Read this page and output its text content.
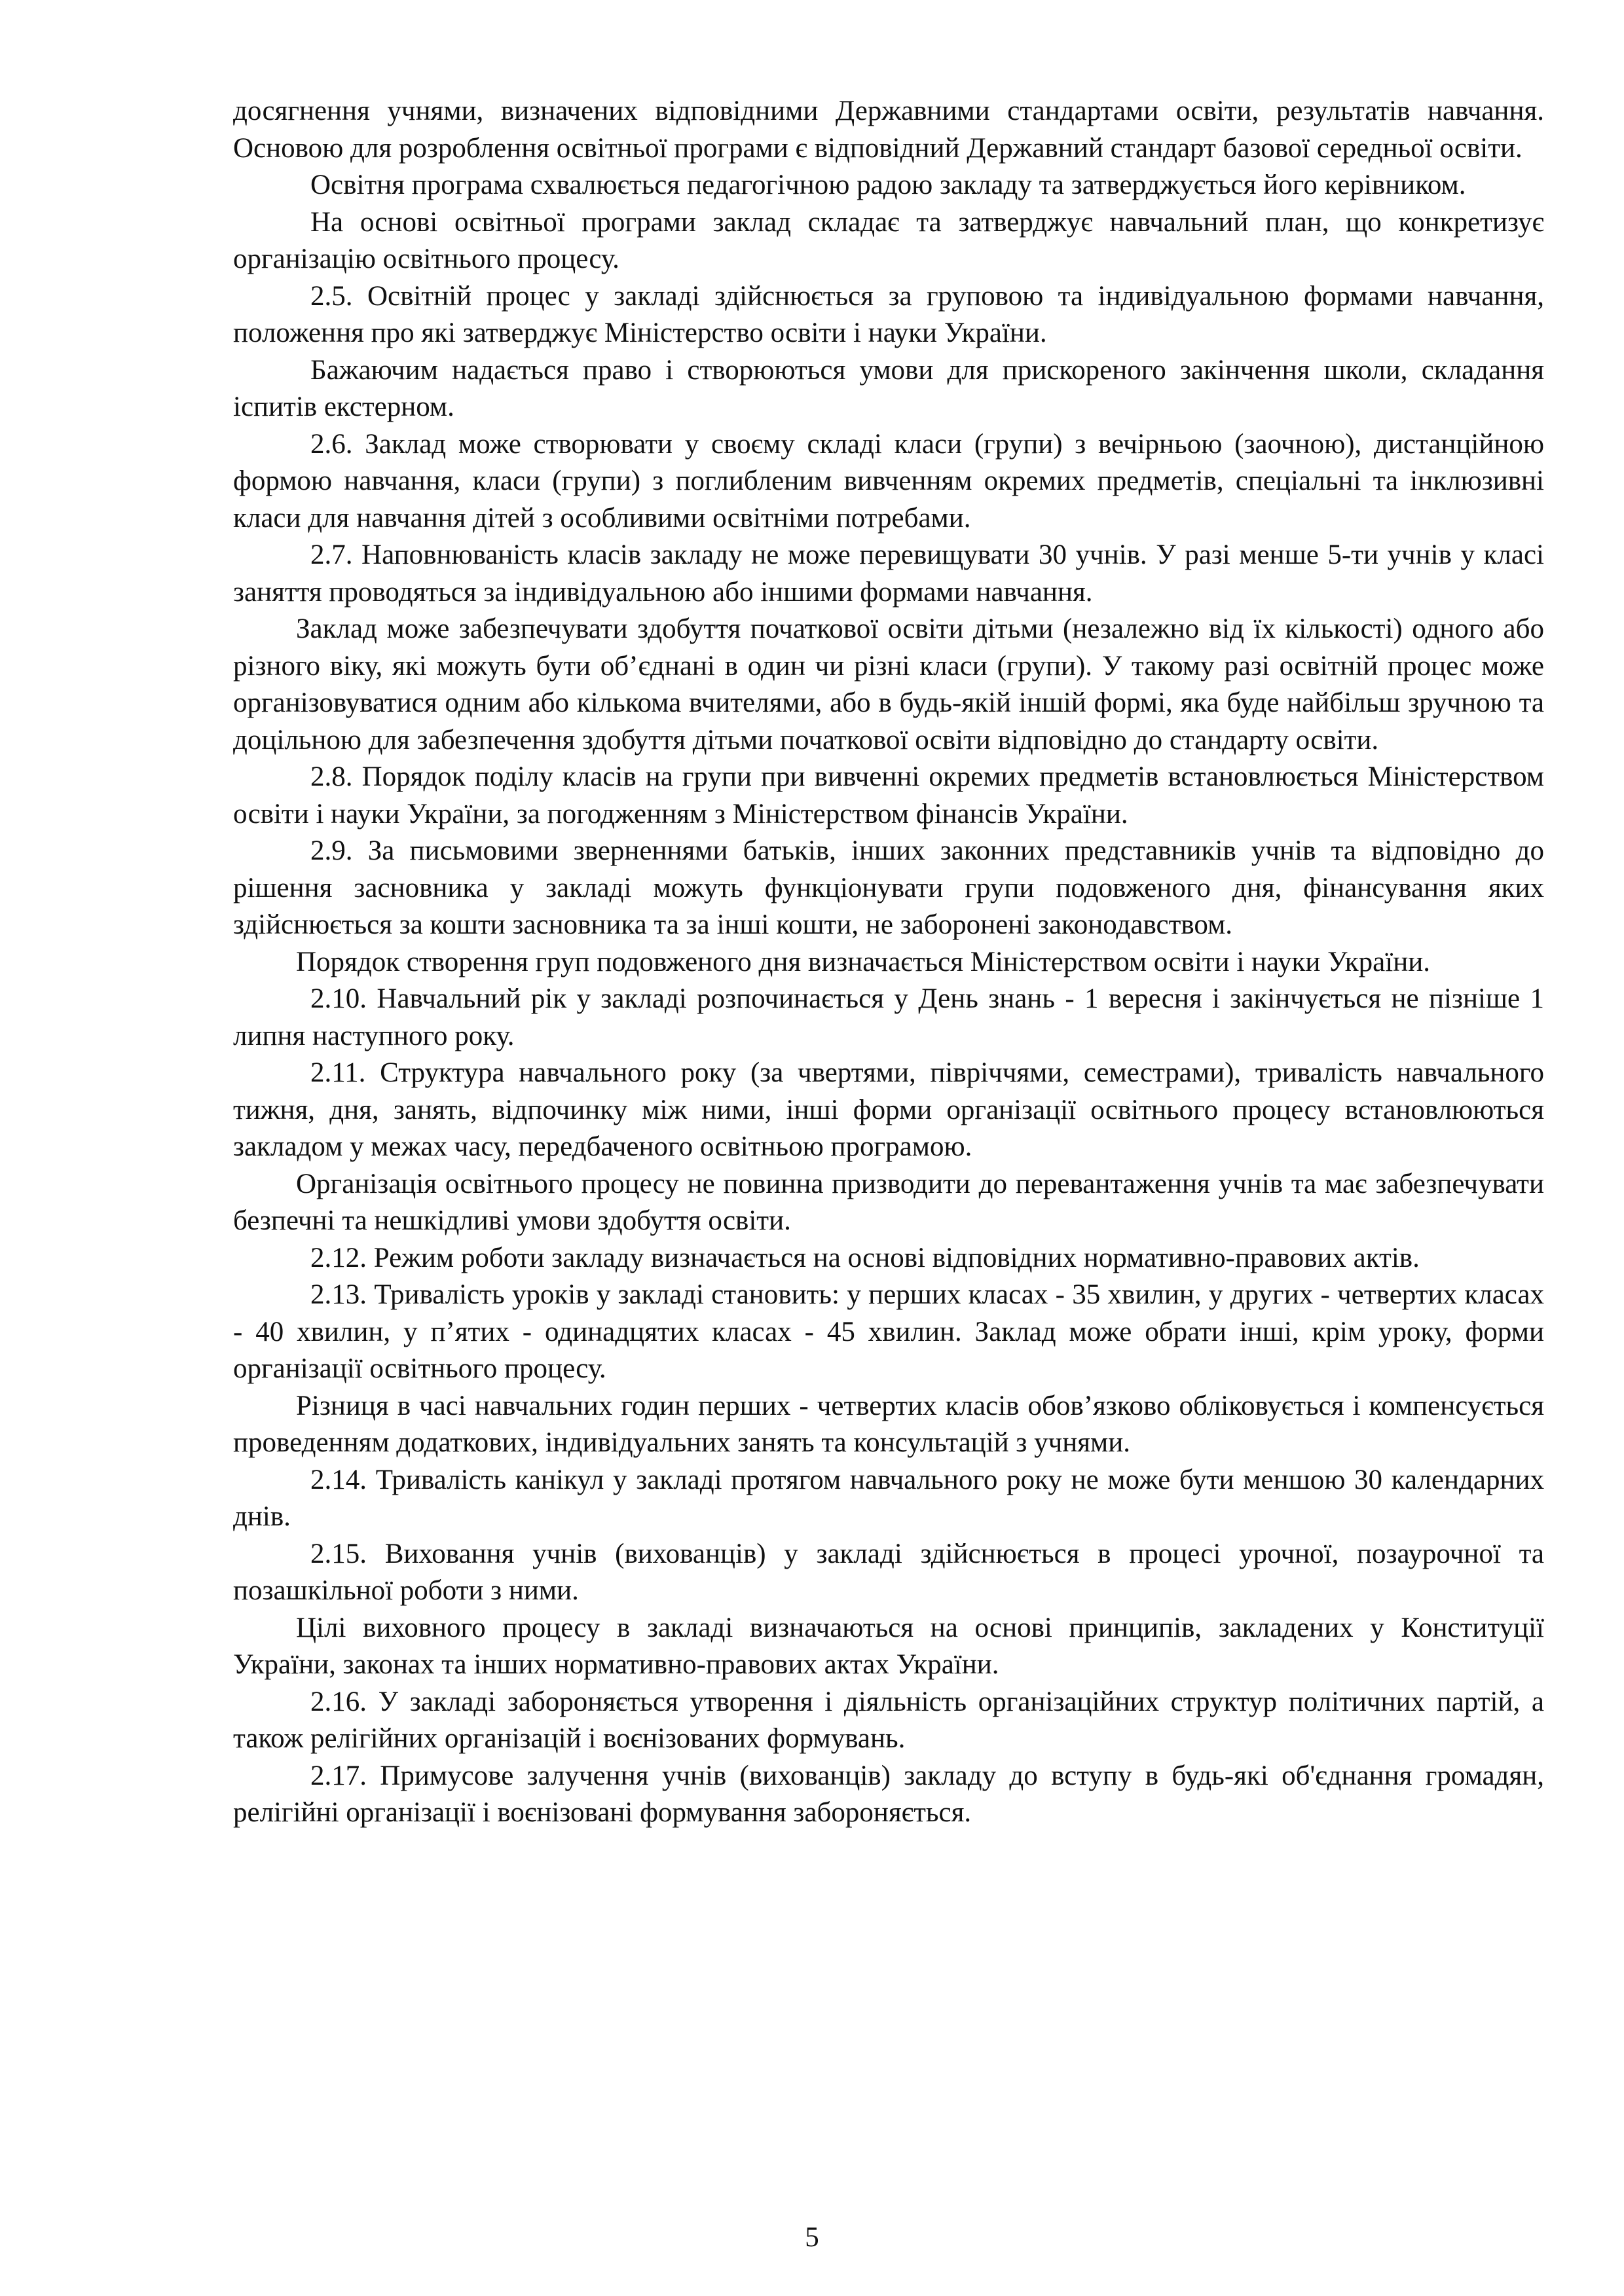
досягнення учнями, визначених відповідними Державними стандартами освіти, результатів навчання. Основою для розроблення освітньої програми є відповідний Державний стандарт базової середньої освіти.

Освітня програма схвалюється педагогічною радою закладу та затверджується його керівником.

На основі освітньої програми заклад складає та затверджує навчальний план, що конкретизує організацію освітнього процесу.

2.5. Освітній процес у закладі здійснюється за груповою та індивідуальною формами навчання, положення про які затверджує Міністерство освіти і науки України.

Бажаючим надається право і створюються умови для прискореного закінчення школи, складання іспитів екстерном.

2.6. Заклад може створювати у своєму складі класи (групи) з вечірньою (заочною), дистанційною формою навчання, класи (групи) з поглибленим вивченням окремих предметів, спеціальні та інклюзивні класи для навчання дітей з особливими освітніми потребами.

2.7. Наповнюваність класів закладу не може перевищувати 30 учнів. У разі менше 5-ти учнів у класі заняття проводяться за індивідуальною або іншими формами навчання.

Заклад може забезпечувати здобуття початкової освіти дітьми (незалежно від їх кількості) одного або різного віку, які можуть бути об’єднані в один чи різні класи (групи). У такому разі освітній процес може організовуватися одним або кількома вчителями, або в будь-якій іншій формі, яка буде найбільш зручною та доцільною для забезпечення здобуття дітьми початкової освіти відповідно до стандарту освіти.

2.8. Порядок поділу класів на групи при вивченні окремих предметів встановлюється Міністерством освіти і науки України, за погодженням з Міністерством фінансів України.

2.9. За письмовими зверненнями батьків, інших законних представників учнів та відповідно до рішення засновника у закладі можуть функціонувати групи подовженого дня, фінансування яких здійснюється за кошти засновника та за інші кошти, не заборонені законодавством.

Порядок створення груп подовженого дня визначається Міністерством освіти і науки України.

2.10. Навчальний рік у закладі розпочинається у День знань - 1 вересня і закінчується не пізніше 1 липня наступного року.

2.11. Структура навчального року (за чвертями, півріччями, семестрами), тривалість навчального тижня, дня, занять, відпочинку між ними, інші форми організації освітнього процесу встановлюються закладом у межах часу, передбаченого освітньою програмою.

Організація освітнього процесу не повинна призводити до перевантаження учнів та має забезпечувати безпечні та нешкідливі умови здобуття освіти.

2.12. Режим роботи закладу визначається на основі відповідних нормативно-правових актів.

2.13. Тривалість уроків у закладі становить: у перших класах - 35 хвилин, у других - четвертих класах - 40 хвилин, у п’ятих - одинадцятих класах - 45 хвилин. Заклад може обрати інші, крім уроку, форми організації освітнього процесу.

Різниця в часі навчальних годин перших - четвертих класів обов’язково обліковується і компенсується проведенням додаткових, індивідуальних занять та консультацій з учнями.

2.14. Тривалість канікул у закладі протягом навчального року не може бути меншою 30 календарних днів.

2.15. Виховання учнів (вихованців) у закладі здійснюється в процесі урочної, позаурочної та позашкільної роботи з ними.

Цілі виховного процесу в закладі визначаються на основі принципів, закладених у Конституції України, законах та інших нормативно-правових актах України.

2.16. У закладі забороняється утворення і діяльність організаційних структур політичних партій, а також релігійних організацій і воєнізованих формувань.

2.17. Примусове залучення учнів (вихованців) закладу до вступу в будь-які об'єднання громадян, релігійні організації і воєнізовані формування забороняється.

5
